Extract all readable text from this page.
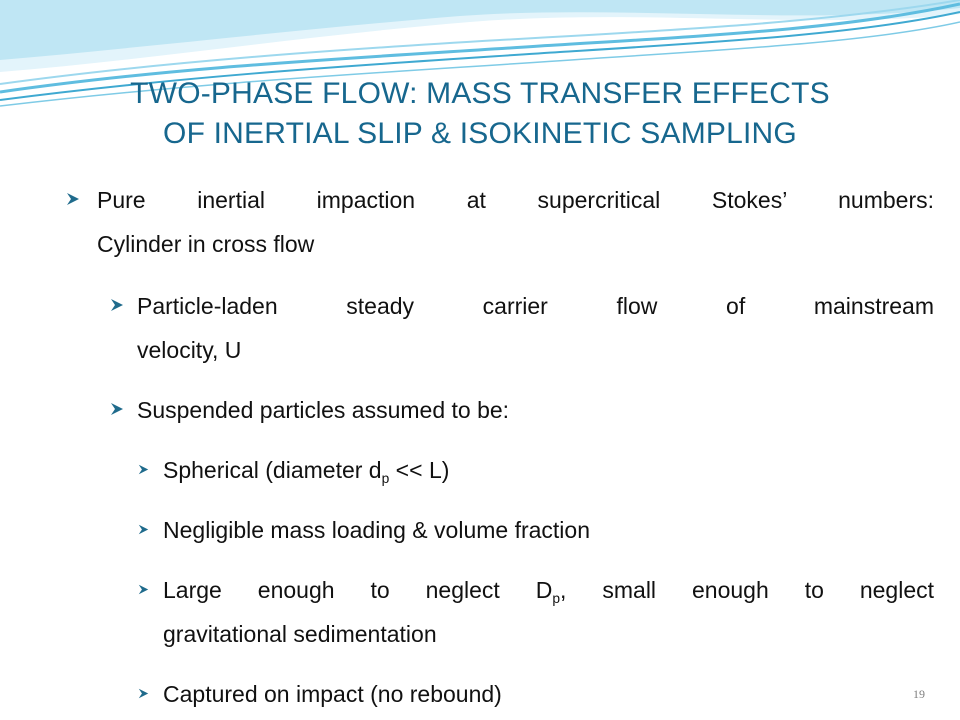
TWO-PHASE FLOW: MASS TRANSFER EFFECTS
OF INERTIAL SLIP & ISOKINETIC SAMPLING
Pure inertial impaction at supercritical Stokes’ numbers:
Cylinder in cross flow
Particle-laden steady carrier flow of mainstream
velocity, U
Suspended particles assumed to be:
Spherical (diameter $d_p << L$)
Negligible mass loading & volume fraction
Large enough to neglect $D_p$, small enough to neglect
gravitational sedimentation
Captured on impact (no rebound)	19
